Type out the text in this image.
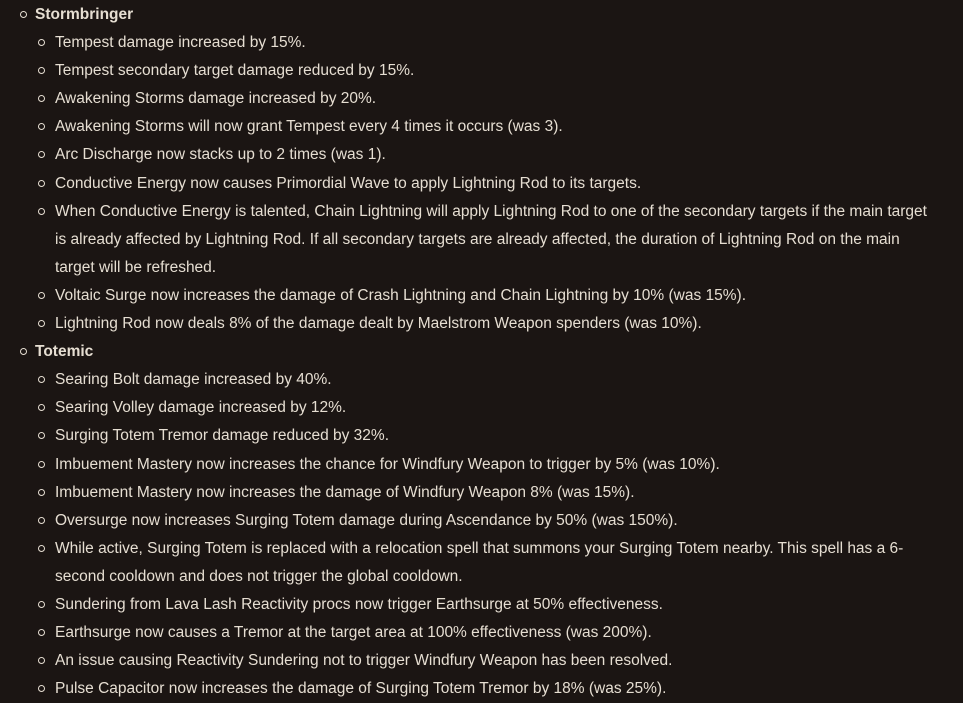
Stormbringer
Tempest damage increased by 15%.
Tempest secondary target damage reduced by 15%.
Awakening Storms damage increased by 20%.
Awakening Storms will now grant Tempest every 4 times it occurs (was 3).
Arc Discharge now stacks up to 2 times (was 1).
Conductive Energy now causes Primordial Wave to apply Lightning Rod to its targets.
When Conductive Energy is talented, Chain Lightning will apply Lightning Rod to one of the secondary targets if the main target is already affected by Lightning Rod. If all secondary targets are already affected, the duration of Lightning Rod on the main target will be refreshed.
Voltaic Surge now increases the damage of Crash Lightning and Chain Lightning by 10% (was 15%).
Lightning Rod now deals 8% of the damage dealt by Maelstrom Weapon spenders (was 10%).
Totemic
Searing Bolt damage increased by 40%.
Searing Volley damage increased by 12%.
Surging Totem Tremor damage reduced by 32%.
Imbuement Mastery now increases the chance for Windfury Weapon to trigger by 5% (was 10%).
Imbuement Mastery now increases the damage of Windfury Weapon 8% (was 15%).
Oversurge now increases Surging Totem damage during Ascendance by 50% (was 150%).
While active, Surging Totem is replaced with a relocation spell that summons your Surging Totem nearby. This spell has a 6-second cooldown and does not trigger the global cooldown.
Sundering from Lava Lash Reactivity procs now trigger Earthsurge at 50% effectiveness.
Earthsurge now causes a Tremor at the target area at 100% effectiveness (was 200%).
An issue causing Reactivity Sundering not to trigger Windfury Weapon has been resolved.
Pulse Capacitor now increases the damage of Surging Totem Tremor by 18% (was 25%).
